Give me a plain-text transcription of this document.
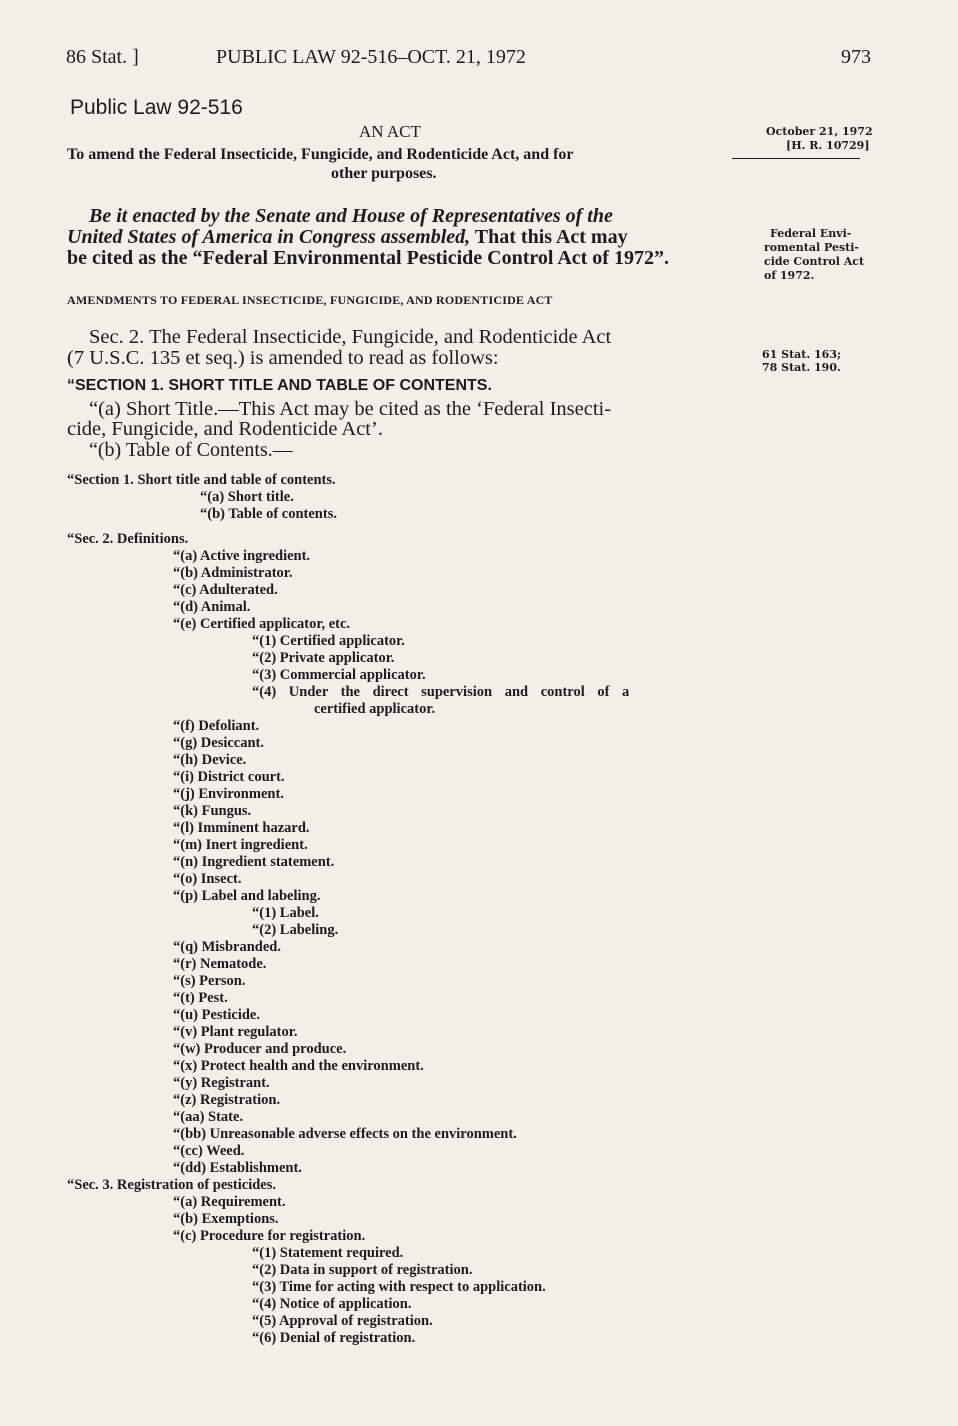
86 Stat. ]	PUBLIC LAW 92-516–OCT. 21, 1972	973
Public Law 92-516
AN ACT
To amend the Federal Insecticide, Fungicide, and Rodenticide Act, and for
other purposes.
October 21, 1972
[H. R. 10729]
Federal Envi-
romental Pesti-
cide Control Act
of 1972.
61 Stat. 163;
78 Stat. 190.
Be it enacted by the Senate and House of Representatives of the
United States of America in Congress assembled, That this Act may
be cited as the “Federal Environmental Pesticide Control Act of 1972”.
AMENDMENTS TO FEDERAL INSECTICIDE, FUNGICIDE, AND RODENTICIDE ACT
Sec. 2. The Federal Insecticide, Fungicide, and Rodenticide Act
(7 U.S.C. 135 et seq.) is amended to read as follows:
“SECTION 1. SHORT TITLE AND TABLE OF CONTENTS.
“(a) Short Title.—This Act may be cited as the ‘Federal Insecti-
cide, Fungicide, and Rodenticide Act’.
“(b) Table of Contents.—
“Section 1. Short title and table of contents.
“(a) Short title.
“(b) Table of contents.
“Sec. 2. Definitions.
“(a) Active ingredient.
“(b) Administrator.
“(c) Adulterated.
“(d) Animal.
“(e) Certified applicator, etc.
“(1) Certified applicator.
“(2) Private applicator.
“(3) Commercial applicator.
“(4) Under the direct supervision and control of a
certified applicator.
“(f) Defoliant.
“(g) Desiccant.
“(h) Device.
“(i) District court.
“(j) Environment.
“(k) Fungus.
“(l) Imminent hazard.
“(m) Inert ingredient.
“(n) Ingredient statement.
“(o) Insect.
“(p) Label and labeling.
“(1) Label.
“(2) Labeling.
“(q) Misbranded.
“(r) Nematode.
“(s) Person.
“(t) Pest.
“(u) Pesticide.
“(v) Plant regulator.
“(w) Producer and produce.
“(x) Protect health and the environment.
“(y) Registrant.
“(z) Registration.
“(aa) State.
“(bb) Unreasonable adverse effects on the environment.
“(cc) Weed.
“(dd) Establishment.
“Sec. 3. Registration of pesticides.
“(a) Requirement.
“(b) Exemptions.
“(c) Procedure for registration.
“(1) Statement required.
“(2) Data in support of registration.
“(3) Time for acting with respect to application.
“(4) Notice of application.
“(5) Approval of registration.
“(6) Denial of registration.
